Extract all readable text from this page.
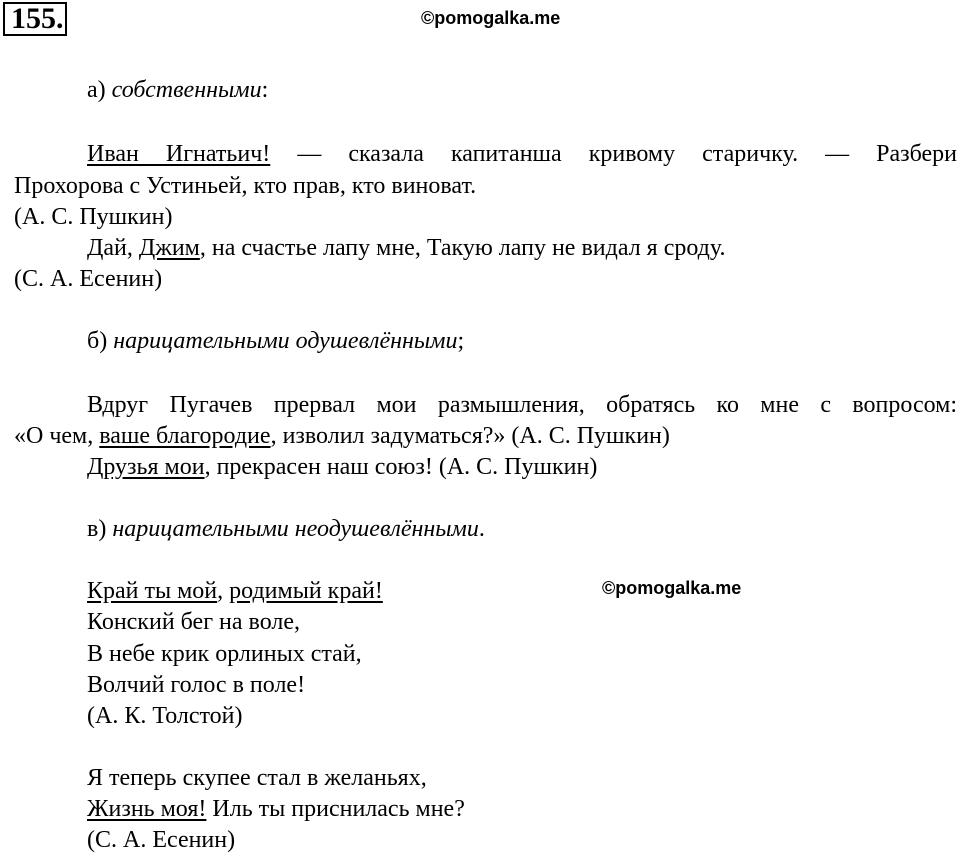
155.	©pomogalka.me
а) собственными:
Иван Игнатьич! — сказала капитанша кривому старичку. — Разбери
Прохорова с Устиньей, кто прав, кто виноват.
(А. С. Пушкин)
Дай, Джим, на счастье лапу мне, Такую лапу не видал я сроду.
(С. А. Есенин)
б) нарицательными одушевлёнными;
Вдруг Пугачев прервал мои размышления, обратясь ко мне с вопросом:
«О чем, ваше благородие, изволил задуматься?» (А. С. Пушкин)
Друзья мои, прекрасен наш союз! (А. С. Пушкин)
в) нарицательными неодушевлёнными.
Край ты мой, родимый край!	©pomogalka.me
Конский бег на воле,
В небе крик орлиных стай,
Волчий голос в поле!
(А. К. Толстой)
Я теперь скупее стал в желаньях,
Жизнь моя! Иль ты приснилась мне?
(С. А. Есенин)
